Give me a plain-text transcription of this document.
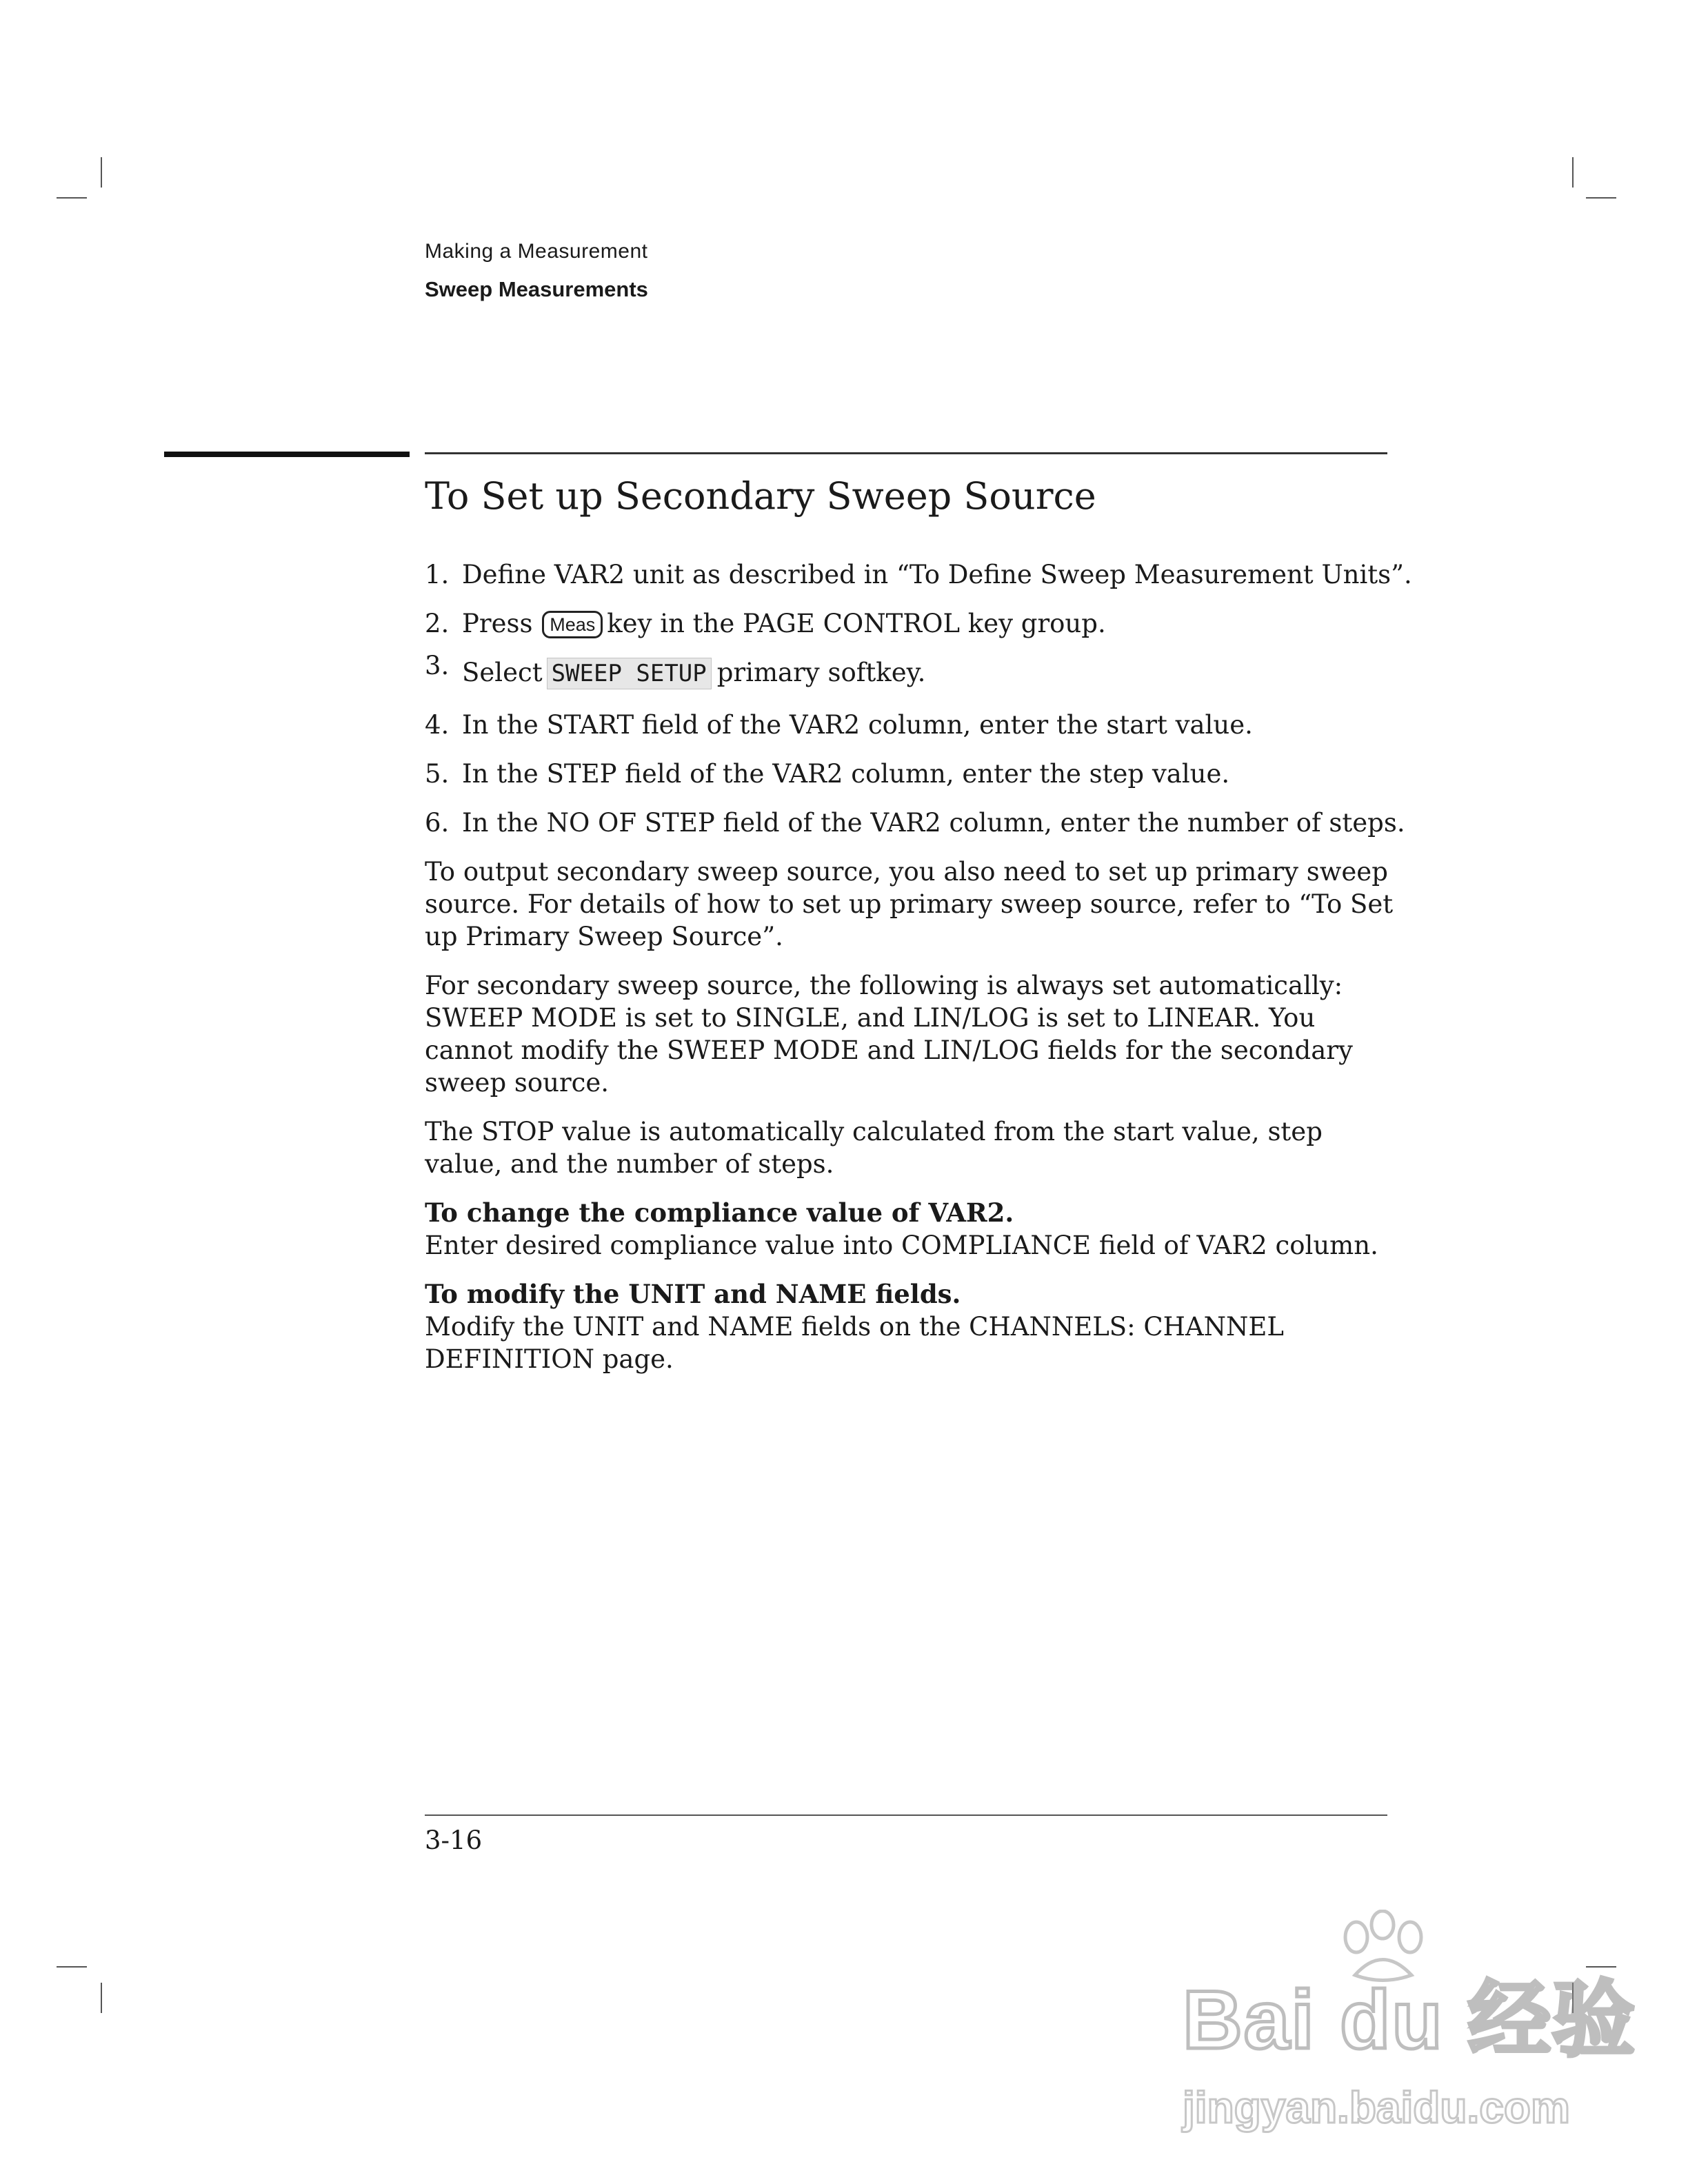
Making a Measurement
Sweep Measurements
To Set up Secondary Sweep Source
1. Define VAR2 unit as described in “To Define Sweep Measurement Units”.
2. Press Meas key in the PAGE CONTROL key group.
3. Select SWEEP SETUP primary softkey.
4. In the START field of the VAR2 column, enter the start value.
5. In the STEP field of the VAR2 column, enter the step value.
6. In the NO OF STEP field of the VAR2 column, enter the number of steps.

To output secondary sweep source, you also need to set up primary sweep source. For details of how to set up primary sweep source, refer to “To Set up Primary Sweep Source”.

For secondary sweep source, the following is always set automatically: SWEEP MODE is set to SINGLE, and LIN/LOG is set to LINEAR. You cannot modify the SWEEP MODE and LIN/LOG fields for the secondary sweep source.

The STOP value is automatically calculated from the start value, step value, and the number of steps.

To change the compliance value of VAR2.

Enter desired compliance value into COMPLIANCE field of VAR2 column.

To modify the UNIT and NAME fields.

Modify the UNIT and NAME fields on the CHANNELS: CHANNEL DEFINITION page.

3-16
Bai du 经验
jingyan.baidu.com
